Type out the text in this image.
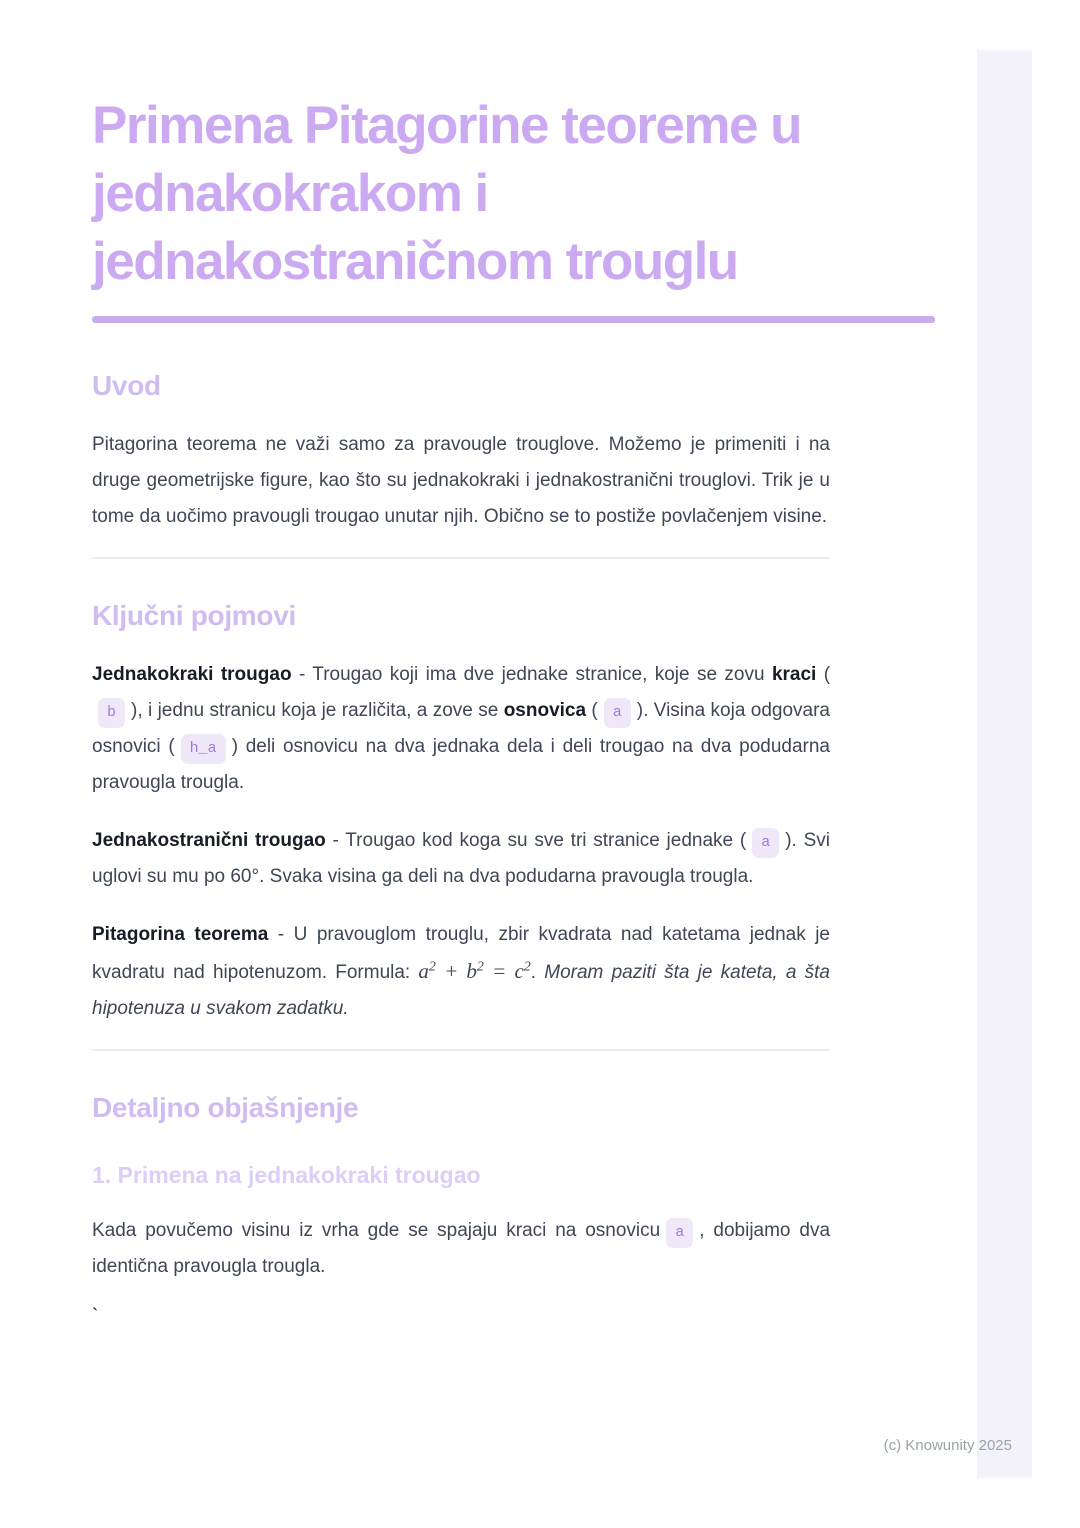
Primena Pitagorine teoreme u jednakokrakom i jednakostraničnom trouglu
Uvod

Pitagorina teorema ne važi samo za pravougle trouglove. Možemo je primeniti i na druge geometrijske figure, kao što su jednakokraki i jednakostranični trouglovi. Trik je u tome da uočimo pravougli trougao unutar njih. Obično se to postiže povlačenjem visine.

Ključni pojmovi

Jednakokraki trougao - Trougao koji ima dve jednake stranice, koje se zovu kraci (b ), i jednu stranicu koja je različita, a zove se osnovica ( a ). Visina koja odgovara osnovici ( h_a ) deli osnovicu na dva jednaka dela i deli trougao na dva podudarna pravougla trougla.

Jednakostranični trougao - Trougao kod koga su sve tri stranice jednake ( a ). Svi uglovi su mu po 60°. Svaka visina ga deli na dva podudarna pravougla trougla.

Pitagorina teorema - U pravouglom trouglu, zbir kvadrata nad katetama jednak je kvadratu nad hipotenuzom. Formula: $a^2 + b^2 = c^2$. Moram paziti šta je kateta, a šta hipotenuza u svakom zadatku.

Detaljno objašnjenje
1. Primena na jednakokraki trougao

Kada povučemo visinu iz vrha gde se spajaju kraci na osnovicu a , dobijamo dva identična pravougla trougla.

`
(c) Knowunity 2025
